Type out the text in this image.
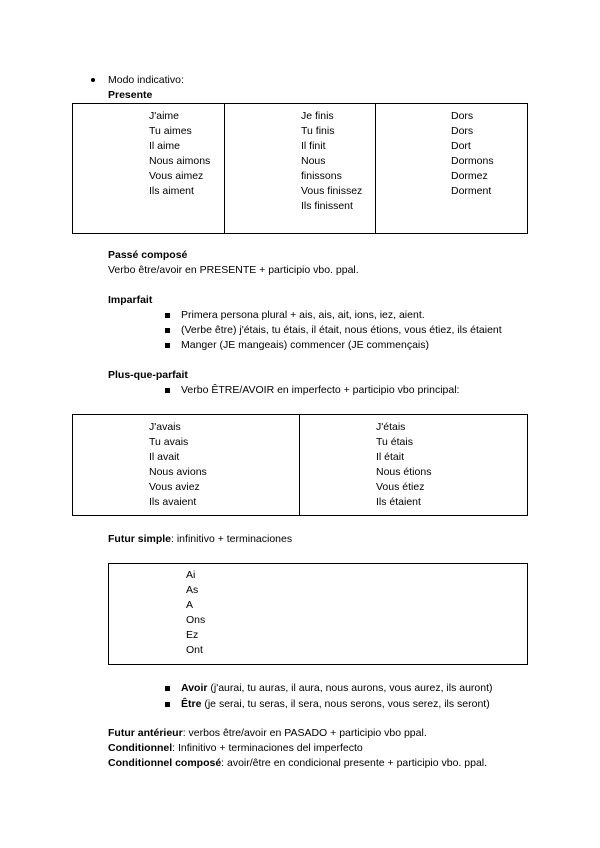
Modo indicativo:
Presente
J'aime
Tu aimes
Il aime
Nous aimons
Vous aimez
Ils aiment
Je finis
Tu finis
Il finit
Nous
finissons
Vous finissez
Ils finissent
Dors
Dors
Dort
Dormons
Dormez
Dorment
Passé composé
Verbo être/avoir en PRESENTE + participio vbo. ppal.
Imparfait
Primera persona plural + ais, ais, ait, ions, iez, aient.
(Verbe être) j'étais, tu étais, il était, nous étions, vous étiez, ils étaient
Manger (JE mangeais) commencer (JE commençais)
Plus-que-parfait
Verbo ÊTRE/AVOIR en imperfecto + participio vbo principal:
J'avais
Tu avais
Il avait
Nous avions
Vous aviez
Ils avaient
J'étais
Tu étais
Il était
Nous étions
Vous étiez
Ils étaient
Futur simple: infinitivo + terminaciones
Ai
As
A
Ons
Ez
Ont
Avoir (j'aurai, tu auras, il aura, nous aurons, vous aurez, ils auront)
Être (je serai, tu seras, il sera, nous serons, vous serez, ils seront)
Futur antérieur: verbos être/avoir en PASADO + participio vbo ppal.
Conditionnel: Infinitivo + terminaciones del imperfecto
Conditionnel composé: avoir/être en condicional presente + participio vbo. ppal.
